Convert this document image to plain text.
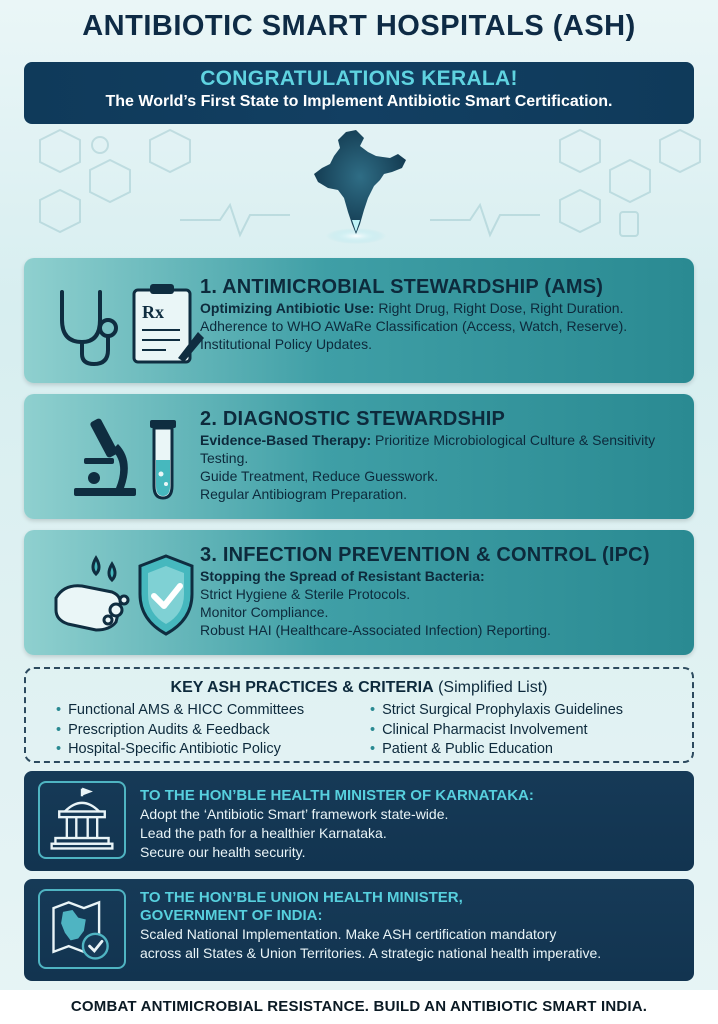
ANTIBIOTIC SMART HOSPITALS (ASH)
CONGRATULATIONS KERALA!
The World’s First State to Implement Antibiotic Smart Certification.
Rx
1. ANTIMICROBIAL STEWARDSHIP (AMS)
Optimizing Antibiotic Use: Right Drug, Right Dose, Right Duration.
Adherence to WHO AWaRe Classification (Access, Watch, Reserve).
Institutional Policy Updates.
2. DIAGNOSTIC STEWARDSHIP
Evidence-Based Therapy: Prioritize Microbiological Culture & Sensitivity Testing.
Guide Treatment, Reduce Guesswork.
Regular Antibiogram Preparation.
3. INFECTION PREVENTION & CONTROL (IPC)
Stopping the Spread of Resistant Bacteria:
Strict Hygiene & Sterile Protocols.
Monitor Compliance.
Robust HAI (Healthcare-Associated Infection) Reporting.
KEY ASH PRACTICES & CRITERIA (Simplified List)
• Functional AMS & HICC Committees
• Prescription Audits & Feedback
• Hospital-Specific Antibiotic Policy
• Strict Surgical Prophylaxis Guidelines
• Clinical Pharmacist Involvement
• Patient & Public Education
TO THE HON’BLE HEALTH MINISTER OF KARNATAKA:
Adopt the ‘Antibiotic Smart’ framework state-wide.
Lead the path for a healthier Karnataka.
Secure our health security.
TO THE HON’BLE UNION HEALTH MINISTER,
GOVERNMENT OF INDIA:
Scaled National Implementation. Make ASH certification mandatory
across all States & Union Territories. A strategic national health imperative.
COMBAT ANTIMICROBIAL RESISTANCE. BUILD AN ANTIBIOTIC SMART INDIA.
